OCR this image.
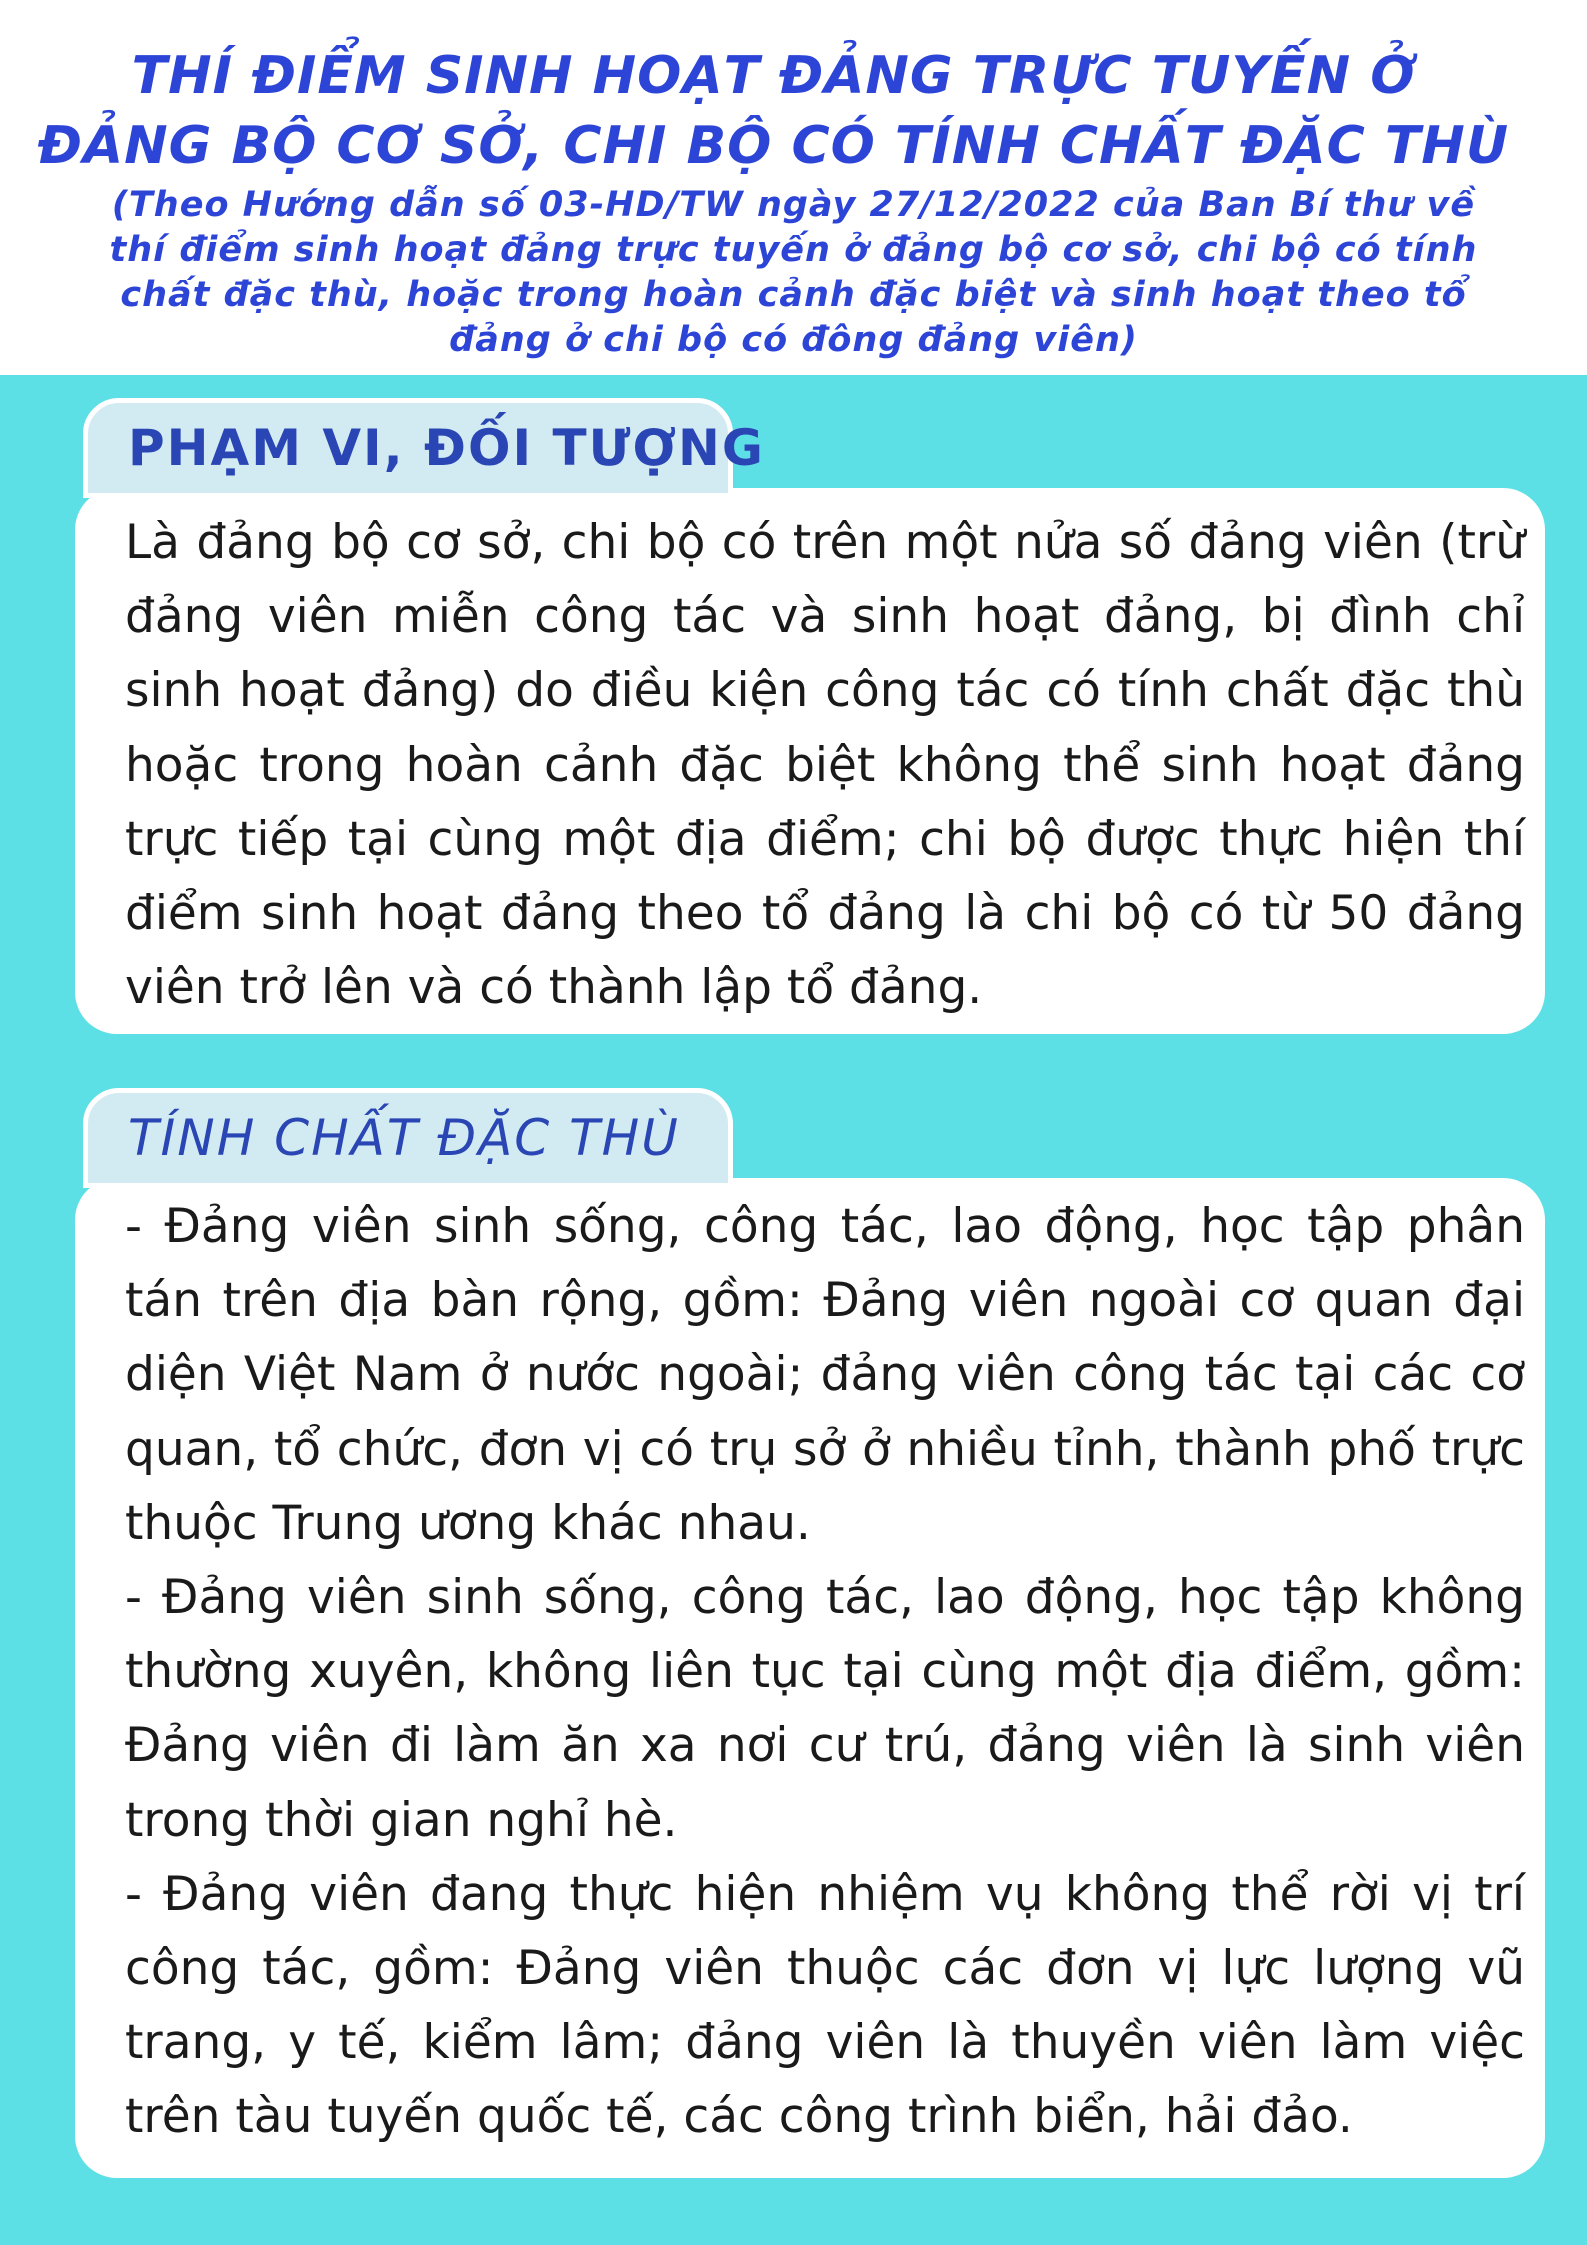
THÍ ĐIỂM SINH HOẠT ĐẢNG TRỰC TUYẾN Ở
ĐẢNG BỘ CƠ SỞ, CHI BỘ CÓ TÍNH CHẤT ĐẶC THÙ

(Theo Hướng dẫn số 03-HD/TW ngày 27/12/2022 của Ban Bí thư về thí điểm sinh hoạt đảng trực tuyến ở đảng bộ cơ sở, chi bộ có tính chất đặc thù, hoặc trong hoàn cảnh đặc biệt và sinh hoạt theo tổ đảng ở chi bộ có đông đảng viên)

Là đảng bộ cơ sở, chi bộ có trên một nửa số đảng viên (trừ đảng viên miễn công tác và sinh hoạt đảng, bị đình chỉ sinh hoạt đảng) do điều kiện công tác có tính chất đặc thù hoặc trong hoàn cảnh đặc biệt không thể sinh hoạt đảng trực tiếp tại cùng một địa điểm; chi bộ được thực hiện thí điểm sinh hoạt đảng theo tổ đảng là chi bộ có từ 50 đảng viên trở lên và có thành lập tổ đảng.

PHẠM VI, ĐỐI TƯỢNG

- Đảng viên sinh sống, công tác, lao động, học tập phân tán trên địa bàn rộng, gồm: Đảng viên ngoài cơ quan đại diện Việt Nam ở nước ngoài; đảng viên công tác tại các cơ quan, tổ chức, đơn vị có trụ sở ở nhiều tỉnh, thành phố trực thuộc Trung ương khác nhau.

- Đảng viên sinh sống, công tác, lao động, học tập không thường xuyên, không liên tục tại cùng một địa điểm, gồm: Đảng viên đi làm ăn xa nơi cư trú, đảng viên là sinh viên trong thời gian nghỉ hè.

- Đảng viên đang thực hiện nhiệm vụ không thể rời vị trí công tác, gồm: Đảng viên thuộc các đơn vị lực lượng vũ trang, y tế, kiểm lâm; đảng viên là thuyền viên làm việc trên tàu tuyến quốc tế, các công trình biển, hải đảo.

TÍNH CHẤT ĐẶC THÙ
